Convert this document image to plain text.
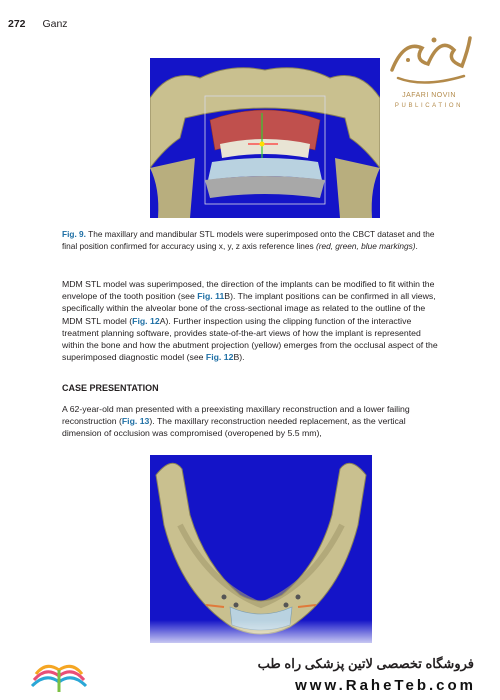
272 Ganz
JAFARI NOVIN
PUBLICATION
Fig. 9. The maxillary and mandibular STL models were superimposed onto the CBCT dataset and the final position confirmed for accuracy using x, y, z axis reference lines (red, green, blue markings).
MDM STL model was superimposed, the direction of the implants can be modified to fit within the envelope of the tooth position (see Fig. 11B). The implant positions can be confirmed in all views, specifically within the alveolar bone of the cross-sectional image as related to the outline of the MDM STL model (Fig. 12A). Further inspection using the clipping function of the interactive treatment planning software, provides state-of-the-art views of how the implant is represented within the bone and how the abutment projection (yellow) emerges from the occlusal aspect of the superimposed diagnostic model (see Fig. 12B).
CASE PRESENTATION
A 62-year-old man presented with a preexisting maxillary reconstruction and a lower failing reconstruction (Fig. 13). The maxillary reconstruction needed replacement, as the vertical dimension of occlusion was compromised (overopened by 5.5 mm),
فروشگاه تخصصی لاتین پزشکی راه طب
www.RaheTeb.com
